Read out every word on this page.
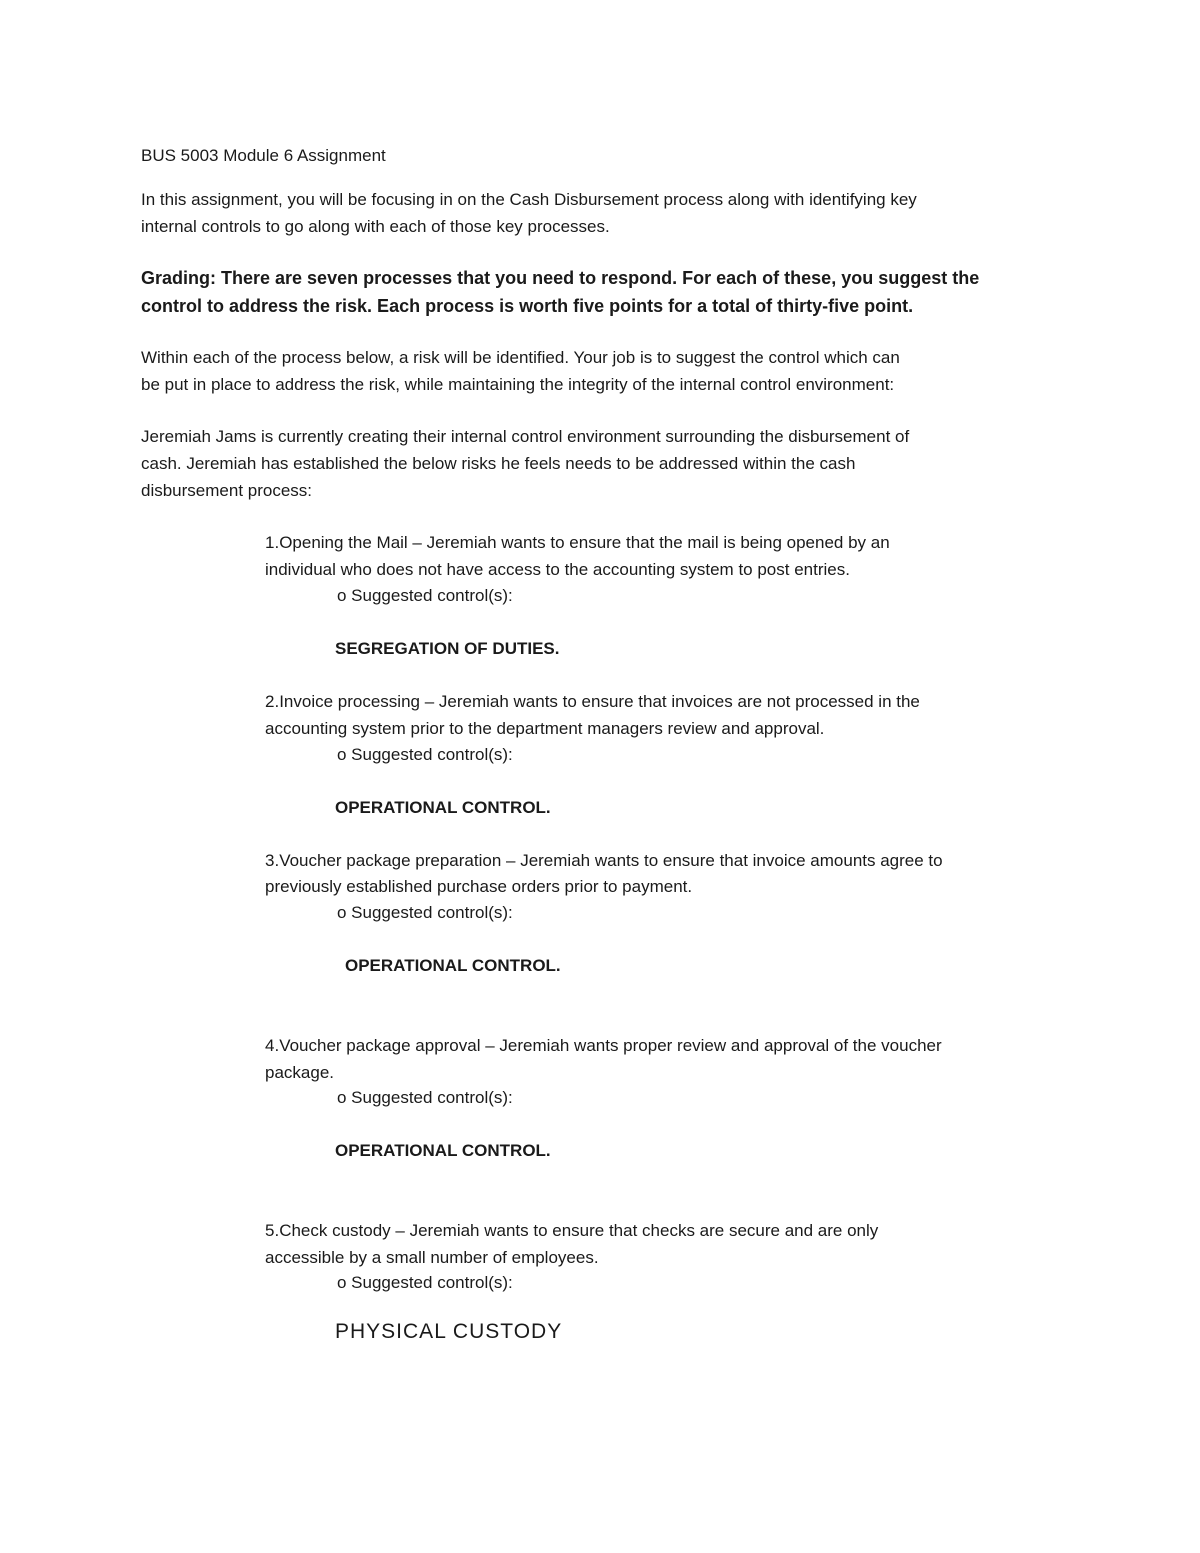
BUS 5003 Module 6 Assignment

In this assignment, you will be focusing in on the Cash Disbursement process along with identifying key

internal controls to go along with each of those key processes.

Grading: There are seven processes that you need to respond. For each of these, you suggest the

control to address the risk. Each process is worth five points for a total of thirty-five point.

Within each of the process below, a risk will be identified. Your job is to suggest the control which can

be put in place to address the risk, while maintaining the integrity of the internal control environment:

Jeremiah Jams is currently creating their internal control environment surrounding the disbursement of

cash. Jeremiah has established the below risks he feels needs to be addressed within the cash

disbursement process:

1.Opening the Mail – Jeremiah wants to ensure that the mail is being opened by an

individual who does not have access to the accounting system to post entries.

o Suggested control(s):

SEGREGATION OF DUTIES.

2.Invoice processing – Jeremiah wants to ensure that invoices are not processed in the

accounting system prior to the department managers review and approval.

o Suggested control(s):

OPERATIONAL CONTROL.

3.Voucher package preparation – Jeremiah wants to ensure that invoice amounts agree to

previously established purchase orders prior to payment.

o Suggested control(s):

OPERATIONAL CONTROL.

4.Voucher package approval – Jeremiah wants proper review and approval of the voucher

package.

o Suggested control(s):

OPERATIONAL CONTROL.

5.Check custody – Jeremiah wants to ensure that checks are secure and are only

accessible by a small number of employees.

o Suggested control(s):

PHYSICAL CUSTODY
